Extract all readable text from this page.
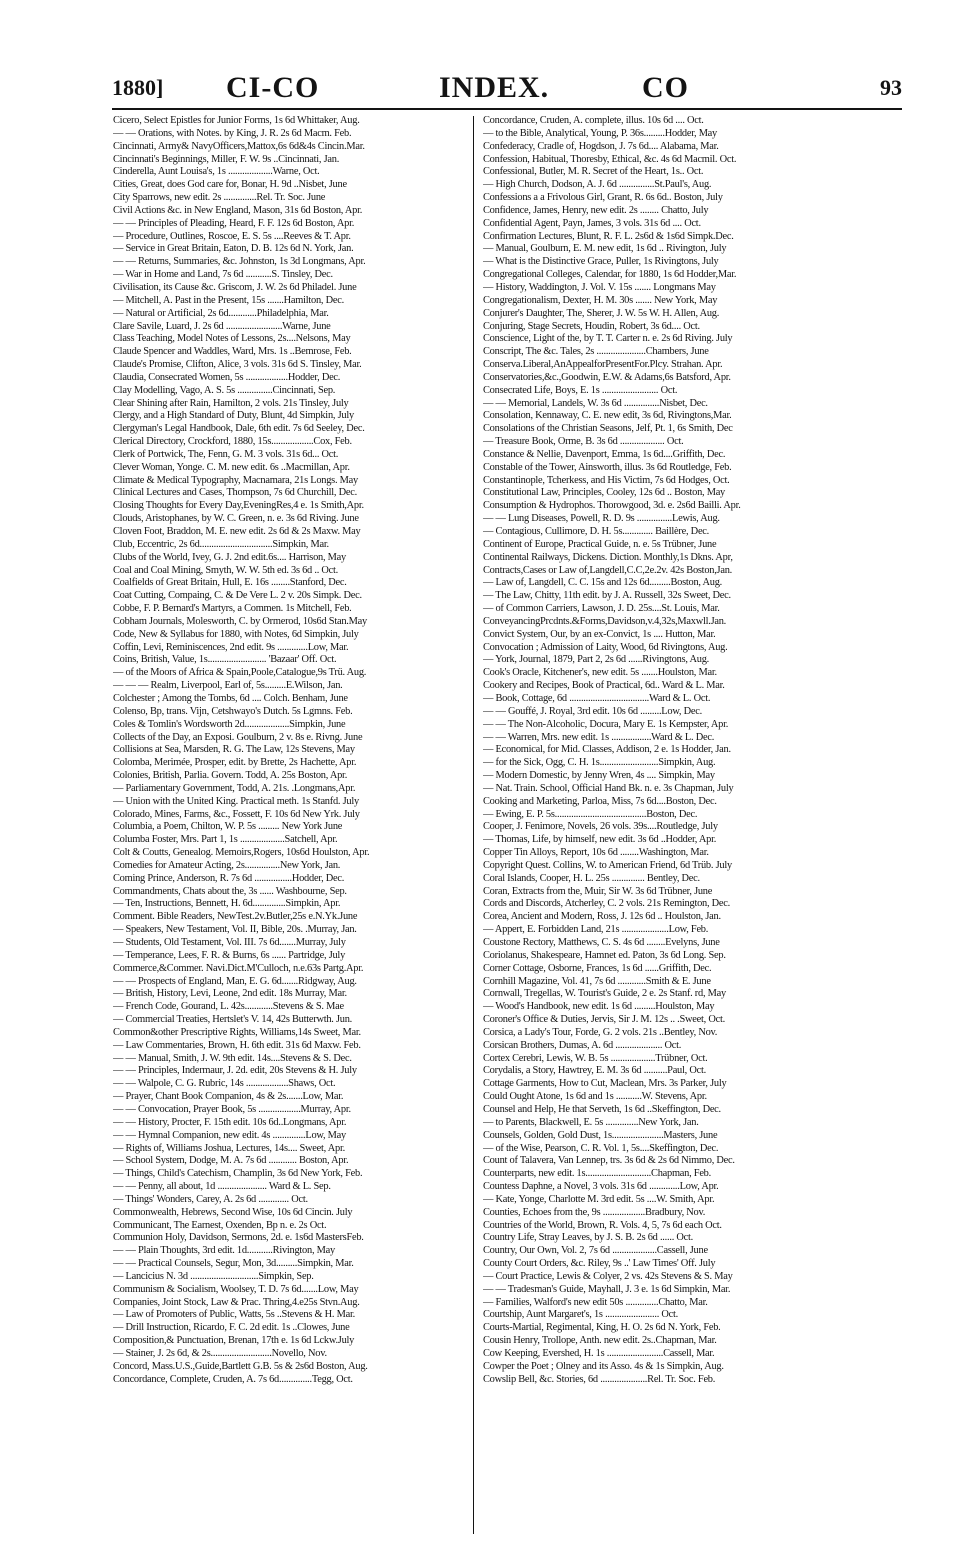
1880] CI-CO	INDEX.	CO	93
Cicero, Select Epistles for Junior Forms, 1s 6d Whittaker, Aug.
— — Orations, with Notes. by King, J. R. 2s 6d Macm. Feb.
Cincinnati, Army& NavyOfficers,Mattox,6s 6d&4s Cincin.Mar.
Cincinnati's Beginnings, Miller, F. W. 9s ..Cincinnati, Jan.
Cinderella, Aunt Louisa's, 1s ...................Warne, Oct.
Cities, Great, does God care for, Bonar, H. 9d ..Nisbet, June
City Sparrows, new edit. 2s ..............Rel. Tr. Soc. June
Civil Actions &c. in New England, Mason, 31s 6d Boston, Apr.
— — Principles of Pleading, Heard, F. F. 12s 6d Boston, Apr.
— Procedure, Outlines, Roscoe, E. S. 5s ....Reeves & T. Apr.
— Service in Great Britain, Eaton, D. B. 12s 6d N. York, Jan.
— — Returns, Summaries, &c. Johnston, 1s 3d Longmans, Apr.
— War in Home and Land, 7s 6d ...........S. Tinsley, Dec.
Civilisation, its Cause &c. Griscom, J. W. 2s 6d Philadel. June
— Mitchell, A. Past in the Present, 15s .......Hamilton, Dec.
— Natural or Artificial, 2s 6d............Philadelphia, Mar.
Clare Savile, Luard, J. 2s 6d ........................Warne, June
Class Teaching, Model Notes of Lessons, 2s....Nelsons, May
Claude Spencer and Waddles, Ward, Mrs. 1s ..Bemrose, Feb.
Claude's Promise, Clifton, Alice, 3 vols. 31s 6d S. Tinsley, Mar.
Claudia, Consecrated Women, 5s ..................Hodder, Dec.
Clay Modelling, Vago, A. S. 5s ...............Cincinnati, Sep.
Clear Shining after Rain, Hamilton, 2 vols. 21s Tinsley, July
Clergy, and a High Standard of Duty, Blunt, 4d Simpkin, July
Clergyman's Legal Handbook, Dale, 6th edit. 7s 6d Seeley, Dec.
Clerical Directory, Crockford, 1880, 15s..................Cox, Feb.
Clerk of Portwick, The, Fenn, G. M. 3 vols. 31s 6d... Oct.
Clever Woman, Yonge. C. M. new edit. 6s ..Macmillan, Apr.
Climate & Medical Typography, Macnamara, 21s Longs. May
Clinical Lectures and Cases, Thompson, 7s 6d Churchill, Dec.
Closing Thoughts for Every Day,EveningRes,4 e. 1s Smith,Apr.
Clouds, Aristophanes, by W. C. Green, n. e. 3s 6d Riving. June
Cloven Foot, Braddon, M. E. new edit. 2s 6d & 2s Maxw. May
Club, Eccentric, 2s 6d...............................Simpkin, Mar.
Clubs of the World, Ivey, G. J. 2nd edit.6s.... Harrison, May
Coal and Coal Mining, Smyth, W. W. 5th ed. 3s 6d .. Oct.
Coalfields of Great Britain, Hull, E. 16s ........Stanford, Dec.
Coat Cutting, Compaing, C. & De Vere L. 2 v. 20s Simpk. Dec.
Cobbe, F. P. Bernard's Martyrs, a Commen. 1s Mitchell, Feb.
Cobham Journals, Molesworth, C. by Ormerod, 10s6d Stan.May
Code, New & Syllabus for 1880, with Notes, 6d Simpkin, July
Coffin, Levi, Reminiscences, 2nd edit. 9s .............Low, Mar.
Coins, British, Value, 1s......................... 'Bazaar' Off. Oct.
— of the Moors of Africa & Spain,Poole,Catalogue,9s Trü. Aug.
— — — Realm, Liverpool, Earl of, 5s.........E.Wilson, Jan.
Colchester ; Among the Tombs, 6d .... Colch. Benham, June
Colenso, Bp, trans. Vijn, Cetshwayo's Dutch. 5s Lgmns. Feb.
Coles & Tomlin's Wordsworth 2d...................Simpkin, June
Collects of the Day, an Exposi. Goulburn, 2 v. 8s e. Rivng. June
Collisions at Sea, Marsden, R. G. The Law, 12s Stevens, May
Colomba, Merimée, Prosper, edit. by Brette, 2s Hachette, Apr.
Colonies, British, Parlia. Govern. Todd, A. 25s Boston, Apr.
— Parliamentary Government, Todd, A. 21s. .Longmans,Apr.
— Union with the United King. Practical meth. 1s Stanfd. July
Colorado, Mines, Farms, &c., Fossett, F. 10s 6d New Yrk. July
Columbia, a Poem, Chilton, W. P. 5s ......... New York June
Columba Foster, Mrs. Part 1, 1s ...................Satchell, Apr.
Colt & Coutts, Genealog. Memoirs,Rogers, 10s6d Houlston, Apr.
Comedies for Amateur Acting, 2s...............New York, Jan.
Coming Prince, Anderson, R. 7s 6d ................Hodder, Dec.
Commandments, Chats about the, 3s ...... Washbourne, Sep.
— Ten, Instructions, Bennett, H. 6d..............Simpkin, Apr.
Comment. Bible Readers, NewTest.2v.Butler,25s e.N.Yk.June
— Speakers, New Testament, Vol. II, Bible, 20s. .Murray, Jan.
— Students, Old Testament, Vol. III. 7s 6d.......Murray, July
— Temperance, Lees, F. R. & Burns, 6s ...... Partridge, July
Commerce,&Commer. Navi.Dict.M'Culloch, n.e.63s Partg.Apr.
— — Prospects of England, Man, E. G. 6d.......Ridgway, Aug.
— British, History, Levi, Leone, 2nd edit. 18s Murray, Mar.
— French Code, Gourand, L. 42s............Stevens & S. Mae
— Commercial Treaties, Hertslet's V. 14, 42s Butterwth. Jun.
Common&other Prescriptive Rights, Williams,14s Sweet, Mar.
— Law Commentaries, Brown, H. 6th edit. 31s 6d Maxw. Feb.
— — Manual, Smith, J. W. 9th edit. 14s....Stevens & S. Dec.
— — Principles, Indermaur, J. 2d. edit, 20s Stevens & H. July
— — Walpole, C. G. Rubric, 14s ..................Shaws, Oct.
— Prayer, Chant Book Companion, 4s & 2s.......Low, Mar.
— — Convocation, Prayer Book, 5s ..................Murray, Apr.
— — History, Procter, F. 15th edit. 10s 6d..Longmans, Apr.
— — Hymnal Companion, new edit. 4s ..............Low, May
— Rights of, Williams Joshua, Lectures, 14s.... Sweet, Apr.
— School System, Dodge, M. A. 7s 6d ............ Boston, Apr.
— Things, Child's Catechism, Champlin, 3s 6d New York, Feb.
— — Penny, all about, 1d ..................... Ward & L. Sep.
— Things' Wonders, Carey, A. 2s 6d ............. Oct.
Commonwealth, Hebrews, Second Wise, 10s 6d Cincin. July
Communicant, The Earnest, Oxenden, Bp n. e. 2s Oct.
Communion Holy, Davidson, Sermons, 2d. e. 1s6d MastersFeb.
— — Plain Thoughts, 3rd edit. 1d...........Rivington, May
— — Practical Counsels, Segur, Mon, 3d.........Simpkin, Mar.
— Lancicius N. 3d .............................Simpkin, Sep.
Communism & Socialism, Woolsey, T. D. 7s 6d.......Low, May
Companies, Joint Stock, Law & Prac. Thring,4.e25s Stvn.Aug.
— Law of Promoters of Public, Watts, 5s ..Stevens & H. Mar.
— Drill Instruction, Ricardo, F. C. 2d edit. 1s ..Clowes, June
Composition,& Punctuation, Brenan, 17th e. 1s 6d Lckw.July
— Stainer, J. 2s 6d, & 2s..........................Novello, Nov.
Concord, Mass.U.S.,Guide,Bartlett G.B. 5s & 2s6d Boston, Aug.
Concordance, Complete, Cruden, A. 7s 6d..............Tegg, Oct.
Concordance, Cruden, A. complete, illus. 10s 6d .... Oct.
— to the Bible, Analytical, Young, P. 36s.........Hodder, May
Confederacy, Cradle of, Hogdson, J. 7s 6d.... Alabama, Mar.
Confession, Habitual, Thoresby, Ethical, &c. 4s 6d Macmil. Oct.
Confessional, Butler, M. R. Secret of the Heart, 1s.. Oct.
— High Church, Dodson, A. J. 6d ...............St.Paul's, Aug.
Confessions a a Frivolous Girl, Grant, R. 6s 6d.. Boston, July
Confidence, James, Henry, new edit. 2s ........ Chatto, July
Confidential Agent, Payn, James, 3 vols. 31s 6d .... Oct.
Confirmation Lectures, Blunt, R. F. L. 2s6d & 1s6d Simpk.Dec.
— Manual, Goulburn, E. M. new edit, 1s 6d .. Rivington, July
— What is the Distinctive Grace, Puller, 1s Rivingtons, July
Congregational Colleges, Calendar, for 1880, 1s 6d Hodder,Mar.
— History, Waddington, J. Vol. V. 15s ....... Longmans May
Congregationalism, Dexter, H. M. 30s ....... New York, May
Conjurer's Daughter, The, Sherer, J. W. 5s W. H. Allen, Aug.
Conjuring, Stage Secrets, Houdin, Robert, 3s 6d.... Oct.
Conscience, Light of the, by T. T. Carter n. e. 2s 6d Riving. July
Conscript, The &c. Tales, 2s .....................Chambers, June
Conserva.Liberal,AnAppealforPresentFor.Plcy. Strahan. Apr.
Conservatories,&c.,Goodwin, E.W. & Adams,6s Batsford, Apr.
Consecrated Life, Boys, E. 1s ........................ Oct.
— — Memorial, Landels, W. 3s 6d ...............Nisbet, Dec.
Consolation, Kennaway, C. E. new edit, 3s 6d, Rivingtons,Mar.
Consolations of the Christian Seasons, Jelf, Pt. 1, 6s Smith, Dec
— Treasure Book, Orme, B. 3s 6d ................... Oct.
Constance & Nellie, Davenport, Emma, 1s 6d....Griffith, Dec.
Constable of the Tower, Ainsworth, illus. 3s 6d Routledge, Feb.
Constantinople, Tcherkess, and His Victim, 7s 6d Hodges, Oct.
Constitutional Law, Principles, Cooley, 12s 6d .. Boston, May
Consumption & Hydrophos. Thorowgood, 3d. e. 2s6d Bailli. Apr.
— — Lung Diseases, Powell, R. D. 9s ...............Lewis, Aug.
— Contagious, Cullimore, D. H. 5s............. Baillère, Dec.
Continent of Europe, Practical Guide, n. e. 5s Trübner, June
Continental Railways, Dickens. Diction. Monthly,1s Dkns. Apr,
Contracts,Cases or Law of,Langdell,C.C,2e.2v. 42s Boston,Jan.
— Law of, Langdell, C. C. 15s and 12s 6d.........Boston, Aug.
— The Law, Chitty, 11th edit. by J. A. Russell, 32s Sweet, Dec.
— of Common Carriers, Lawson, J. D. 25s....St. Louis, Mar.
ConveyancingPrcdnts.&Forms,Davidson,v.4,32s,Maxwll.Jan.
Convict System, Our, by an ex-Convict, 1s .... Hutton, Mar.
Convocation ; Admission of Laity, Wood, 6d Rivingtons, Aug.
— York, Journal, 1879, Part 2, 2s 6d ......Rivingtons, Aug.
Cook's Oracle, Kitchener's, new edit. 5s .......Houlston, Mar.
Cookery and Recipes, Book of Practical, 6d.. Ward & L. Mar.
— Book, Cottage, 6d ..................................Ward & L. Oct.
— — Gouffé, J. Royal, 3rd edit. 10s 6d .........Low, Dec.
— — The Non-Alcoholic, Docura, Mary E. 1s Kempster, Apr.
— — Warren, Mrs. new edit. 1s .................Ward & L. Dec.
— Economical, for Mid. Classes, Addison, 2 e. 1s Hodder, Jan.
— for the Sick, Ogg, C. H. 1s.........................Simpkin, Aug.
— Modern Domestic, by Jenny Wren, 4s .... Simpkin, May
— Nat. Train. School, Official Hand Bk. n. e. 3s Chapman, July
Cooking and Marketing, Parloa, Miss, 7s 6d....Boston, Dec.
— Ewing, E. P. 5s.......................................Boston, Dec.
Cooper, J. Fenimore, Novels, 26 vols. 39s....Routledge, July
— Thomas, Life, by himself, new edit. 3s 6d ..Hodder, Apr.
Copper Tin Alloys, Report, 10s 6d ........Washington, Mar.
Copyright Quest. Collins, W. to American Friend, 6d Trüb. July
Coral Islands, Cooper, H. L. 25s .............. Bentley, Dec.
Coran, Extracts from the, Muir, Sir W. 3s 6d Trübner, June
Cords and Discords, Atcherley, C. 2 vols. 21s Remington, Dec.
Corea, Ancient and Modern, Ross, J. 12s 6d .. Houlston, Jan.
— Appert, E. Forbidden Land, 21s ....................Low, Feb.
Coustone Rectory, Matthews, C. S. 4s 6d ........Evelyns, June
Coriolanus, Shakespeare, Hamnet ed. Paton, 3s 6d Long. Sep.
Corner Cottage, Osborne, Frances, 1s 6d ......Griffith, Dec.
Cornhill Magazine, Vol. 41, 7s 6d ............Smith & E. June
Cornwall, Tregellas, W. Tourist's Guide, 2 e. 2s Stanf. rd, May
— Wood's Handbook, new edit. 1s 6d .........Houlston, May
Coroner's Office & Duties, Jervis, Sir J. M. 12s .. .Sweet, Oct.
Corsica, a Lady's Tour, Forde, G. 2 vols. 21s ..Bentley, Nov.
Corsican Brothers, Dumas, A. 6d .................... Oct.
Cortex Cerebri, Lewis, W. B. 5s ...................Trübner, Oct.
Corydalis, a Story, Hawtrey, E. M. 3s 6d ..........Paul, Oct.
Cottage Garments, How to Cut, Maclean, Mrs. 3s Parker, July
Could Ought Atone, 1s 6d and 1s ...........W. Stevens, Apr.
Counsel and Help, He that Serveth, 1s 6d ..Skeffington, Dec.
— to Parents, Blackwell, E. 5s ..............New York, Jan.
Counsels, Golden, Gold Dust, 1s......................Masters, June
— of the Wise, Pearson, C. R. Vol. 1, 5s....Skeffington, Dec.
Count of Talavera, Van Lennep, trs. 3s 6d & 2s 6d Nimmo, Dec.
Counterparts, new edit. 1s............................Chapman, Feb.
Countess Daphne, a Novel, 3 vols. 31s 6d .............Low, Apr.
— Kate, Yonge, Charlotte M. 3rd edit. 5s ....W. Smith, Apr.
Counties, Echoes from the, 9s ..................Bradbury, Nov.
Countries of the World, Brown, R. Vols. 4, 5, 7s 6d each Oct.
Country Life, Stray Leaves, by J. S. B. 2s 6d ...... Oct.
Country, Our Own, Vol. 2, 7s 6d ...................Cassell, June
County Court Orders, &c. Riley, 9s ..' Law Times' Off. July
— Court Practice, Lewis & Colyer, 2 vs. 42s Stevens & S. May
— — Tradesman's Guide, Mayhall, J. 3 e. 1s 6d Simpkin, Mar.
— Families, Walford's new edit 50s ..............Chatto, Mar.
Courtship, Aunt Margaret's, 1s ....................... Oct.
Courts-Martial, Regimental, King, H. O. 2s 6d N. York, Feb.
Cousin Henry, Trollope, Anth. new edit. 2s..Chapman, Mar.
Cow Keeping, Evershed, H. 1s ........................Cassell, Mar.
Cowper the Poet ; Olney and its Asso. 4s & 1s Simpkin, Aug.
Cowslip Bell, &c. Stories, 6d ....................Rel. Tr. Soc. Feb.
